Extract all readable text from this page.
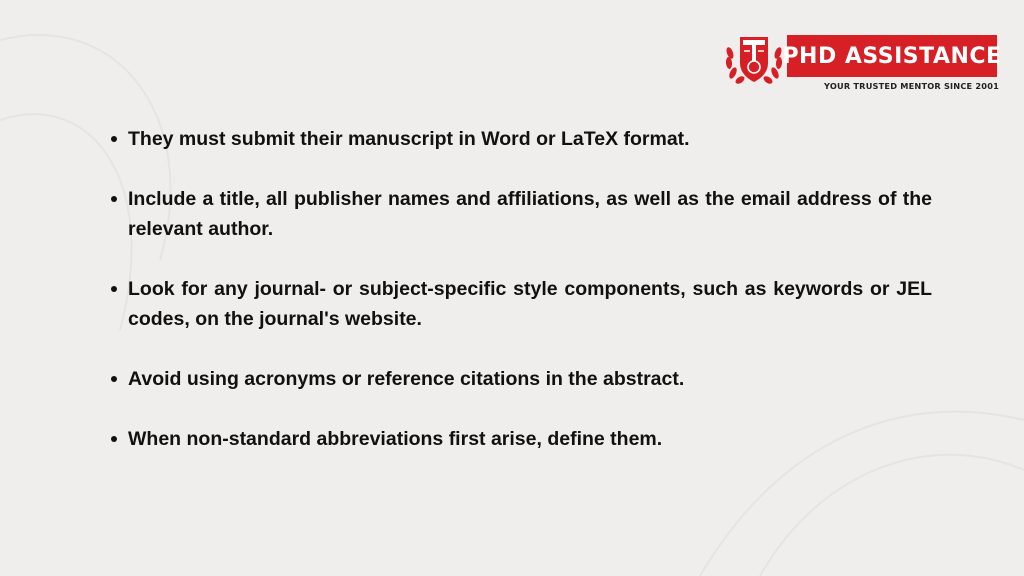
PHD ASSISTANCE
YOUR TRUSTED MENTOR SINCE 2001
They must submit their manuscript in Word or LaTeX format.
Include a title, all publisher names and affiliations, as well as the email address of the relevant author.
Look for any journal- or subject-specific style components, such as keywords or JEL codes, on the journal's website.
Avoid using acronyms or reference citations in the abstract.
When non-standard abbreviations first arise, define them.
